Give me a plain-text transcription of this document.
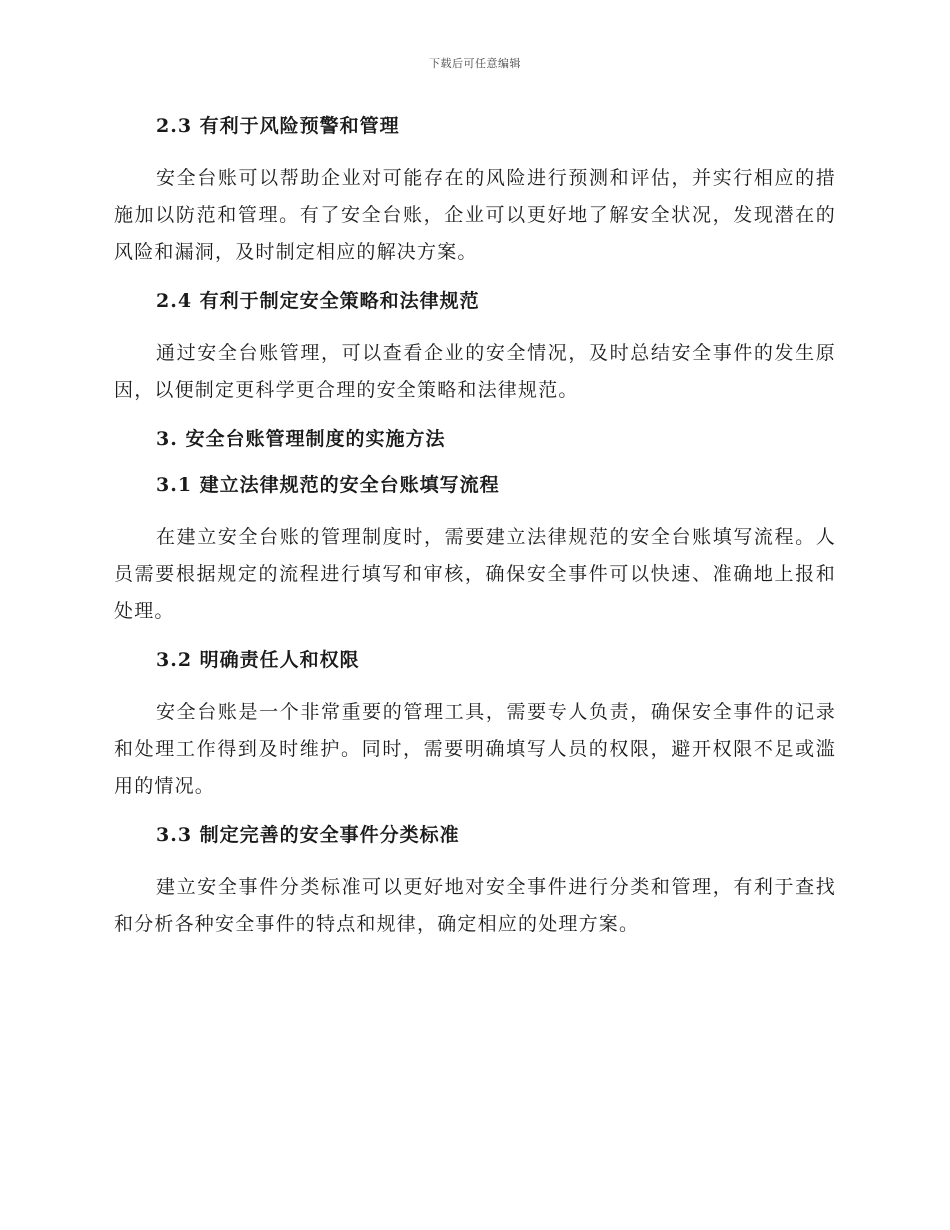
下载后可任意编辑
2.3 有利于风险预警和管理

安全台账可以帮助企业对可能存在的风险进行预测和评估，并实行相应的措施加以防范和管理。有了安全台账，企业可以更好地了解安全状况，发现潜在的风险和漏洞，及时制定相应的解决方案。

2.4 有利于制定安全策略和法律规范

通过安全台账管理，可以查看企业的安全情况，及时总结安全事件的发生原因，以便制定更科学更合理的安全策略和法律规范。

3. 安全台账管理制度的实施方法
3.1 建立法律规范的安全台账填写流程

在建立安全台账的管理制度时，需要建立法律规范的安全台账填写流程。人员需要根据规定的流程进行填写和审核，确保安全事件可以快速、准确地上报和处理。

3.2 明确责任人和权限

安全台账是一个非常重要的管理工具，需要专人负责，确保安全事件的记录和处理工作得到及时维护。同时，需要明确填写人员的权限，避开权限不足或滥用的情况。

3.3 制定完善的安全事件分类标准

建立安全事件分类标准可以更好地对安全事件进行分类和管理，有利于查找和分析各种安全事件的特点和规律，确定相应的处理方案。
